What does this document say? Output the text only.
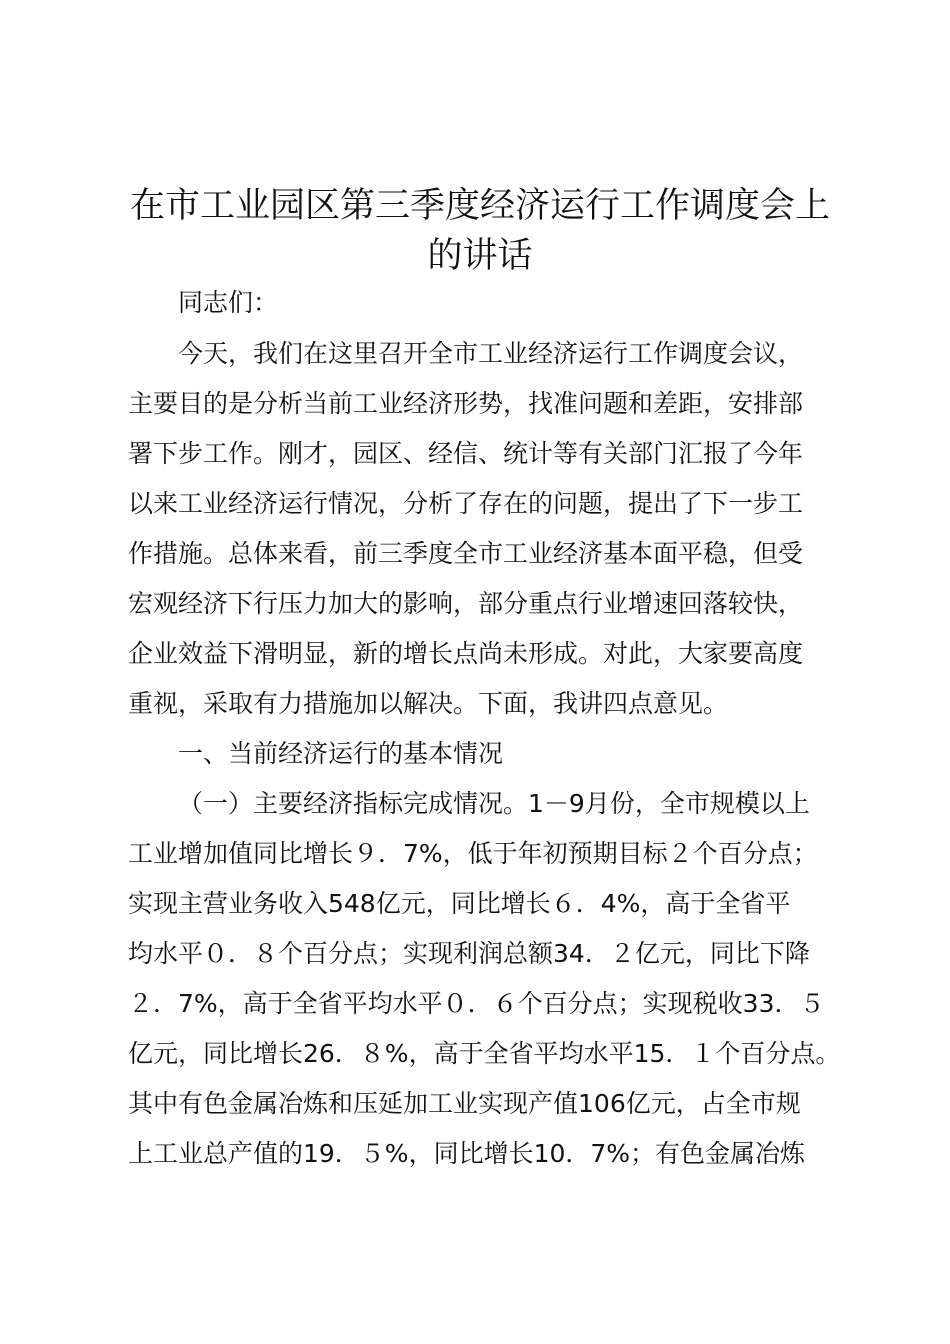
在市工业园区第三季度经济运行工作调度会上
的讲话

同志们：

今天，我们在这里召开全市工业经济运行工作调度会议，

主要目的是分析当前工业经济形势，找准问题和差距，安排部

署下步工作。刚才，园区、经信、统计等有关部门汇报了今年

以来工业经济运行情况，分析了存在的问题，提出了下一步工

作措施。总体来看，前三季度全市工业经济基本面平稳，但受

宏观经济下行压力加大的影响，部分重点行业增速回落较快，

企业效益下滑明显，新的增长点尚未形成。对此，大家要高度

重视，采取有力措施加以解决。下面，我讲四点意见。

一、当前经济运行的基本情况

（一）主要经济指标完成情况。1－9月份，全市规模以上

工业增加值同比增长９．7%，低于年初预期目标２个百分点；

实现主营业务收入548亿元，同比增长６．4%，高于全省平

均水平０．８个百分点；实现利润总额34．２亿元，同比下降

２．7%，高于全省平均水平０．６个百分点；实现税收33．５

亿元，同比增长26．８%，高于全省平均水平15．１个百分点。

其中有色金属冶炼和压延加工业实现产值106亿元，占全市规

上工业总产值的19．５%，同比增长10．7%；有色金属冶炼
